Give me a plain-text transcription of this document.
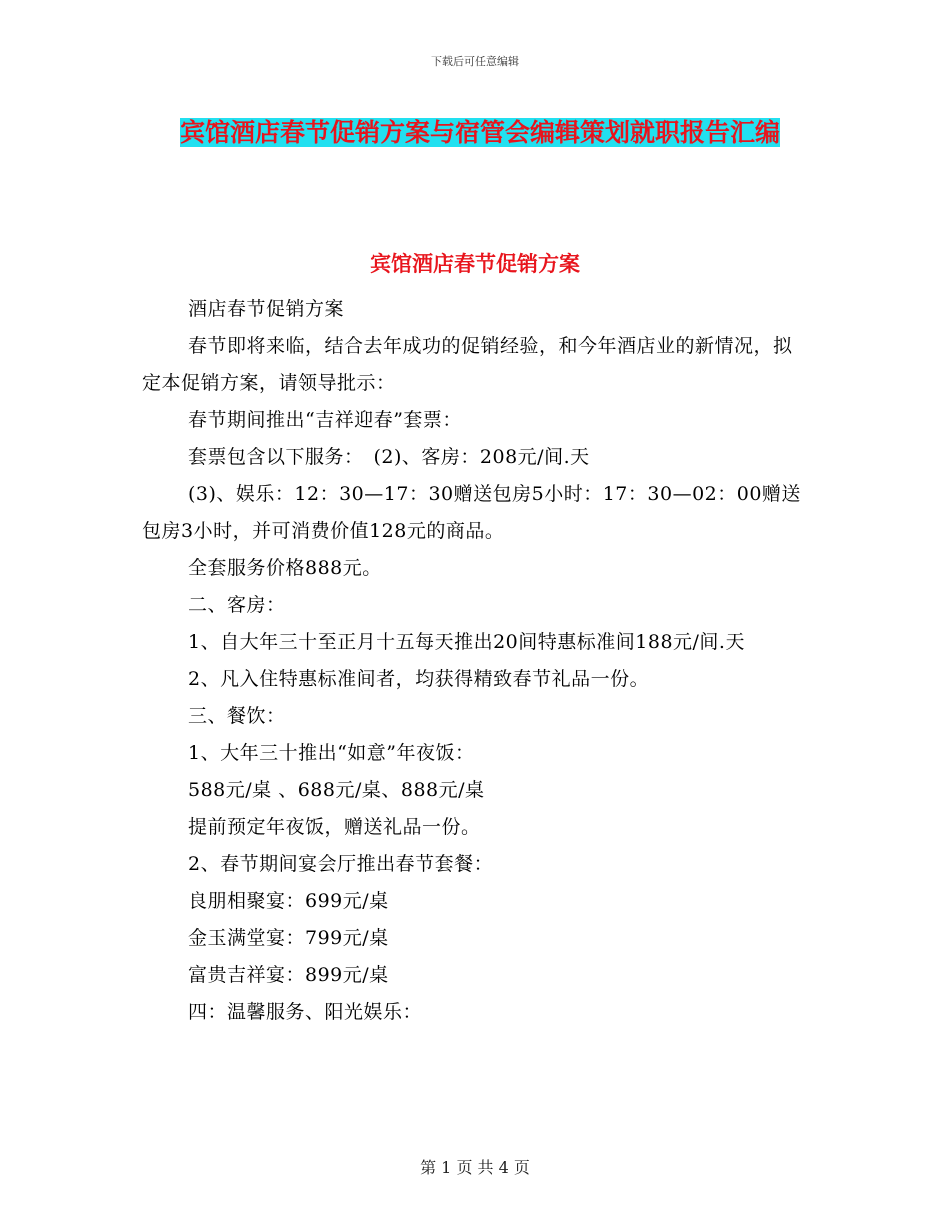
下载后可任意编辑
宾馆酒店春节促销方案与宿管会编辑策划就职报告汇编
宾馆酒店春节促销方案

酒店春节促销方案

春节即将来临，结合去年成功的促销经验，和今年酒店业的新情况，拟定本促销方案，请领导批示：

春节期间推出“吉祥迎春”套票：

套票包含以下服务：　(2)、客房：208元/间.天

(3)、娱乐：12：30—17：30赠送包房5小时：17：30—02：00赠送包房3小时，并可消费价值128元的商品。

全套服务价格888元。

二、客房：

1、自大年三十至正月十五每天推出20间特惠标准间188元/间.天

2、凡入住特惠标准间者，均获得精致春节礼品一份。

三、餐饮：

1、大年三十推出“如意”年夜饭：

588元/桌 、688元/桌、888元/桌

提前预定年夜饭，赠送礼品一份。

2、春节期间宴会厅推出春节套餐：

良朋相聚宴：699元/桌

金玉满堂宴：799元/桌

富贵吉祥宴：899元/桌

四：温馨服务、阳光娱乐：

第 1 页 共 4 页
